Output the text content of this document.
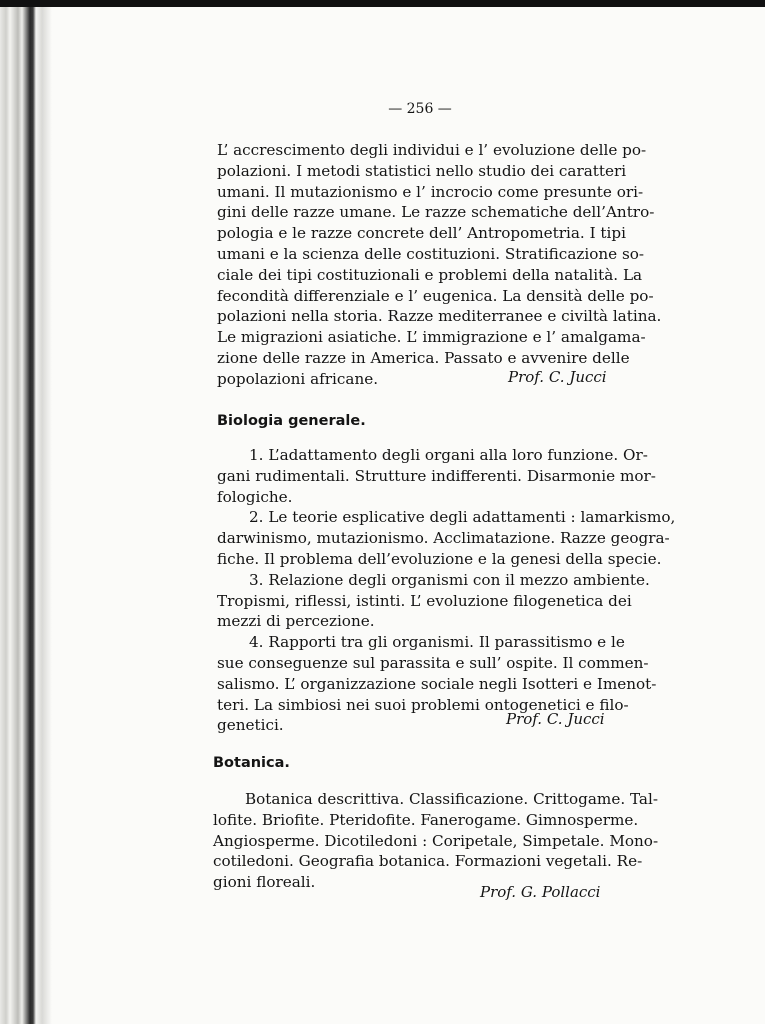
— 256 —
L’ accrescimento degli individui e l’ evoluzione delle po-
polazioni. I metodi statistici nello studio dei caratteri
umani. Il mutazionismo e l’ incrocio come presunte ori-
gini delle razze umane. Le razze schematiche dell’Antro-
pologia e le razze concrete dell’ Antropometria. I tipi
umani e la scienza delle costituzioni. Stratificazione so-
ciale dei tipi costituzionali e problemi della natalità. La
fecondità differenziale e l’ eugenica. La densità delle po-
polazioni nella storia. Razze mediterranee e civiltà latina.
Le migrazioni asiatiche. L’ immigrazione e l’ amalgama-
zione delle razze in America. Passato e avvenire delle
popolazioni africane.	Prof. C. Jucci
Biologia generale.
1. L’adattamento degli organi alla loro funzione. Or-
gani rudimentali. Strutture indifferenti. Disarmonie mor-
fologiche.
2. Le teorie esplicative degli adattamenti : lamarkismo,
darwinismo, mutazionismo. Acclimatazione. Razze geogra-
fiche. Il problema dell’evoluzione e la genesi della specie.
3. Relazione degli organismi con il mezzo ambiente.
Tropismi, riflessi, istinti. L’ evoluzione filogenetica dei
mezzi di percezione.
4. Rapporti tra gli organismi. Il parassitismo e le
sue conseguenze sul parassita e sull’ ospite. Il commen-
salismo. L’ organizzazione sociale negli Isotteri e Imenot-
teri. La simbiosi nei suoi problemi ontogenetici e filo-
genetici.	Prof. C. Jucci
Botanica.
Botanica descrittiva. Classificazione. Crittogame. Tal-
lofite. Briofite. Pteridofite. Fanerogame. Gimnosperme.
Angiosperme. Dicotiledoni : Coripetale, Simpetale. Mono-
cotiledoni. Geografia botanica. Formazioni vegetali. Re-
gioni floreali.
Prof. G. Pollacci
